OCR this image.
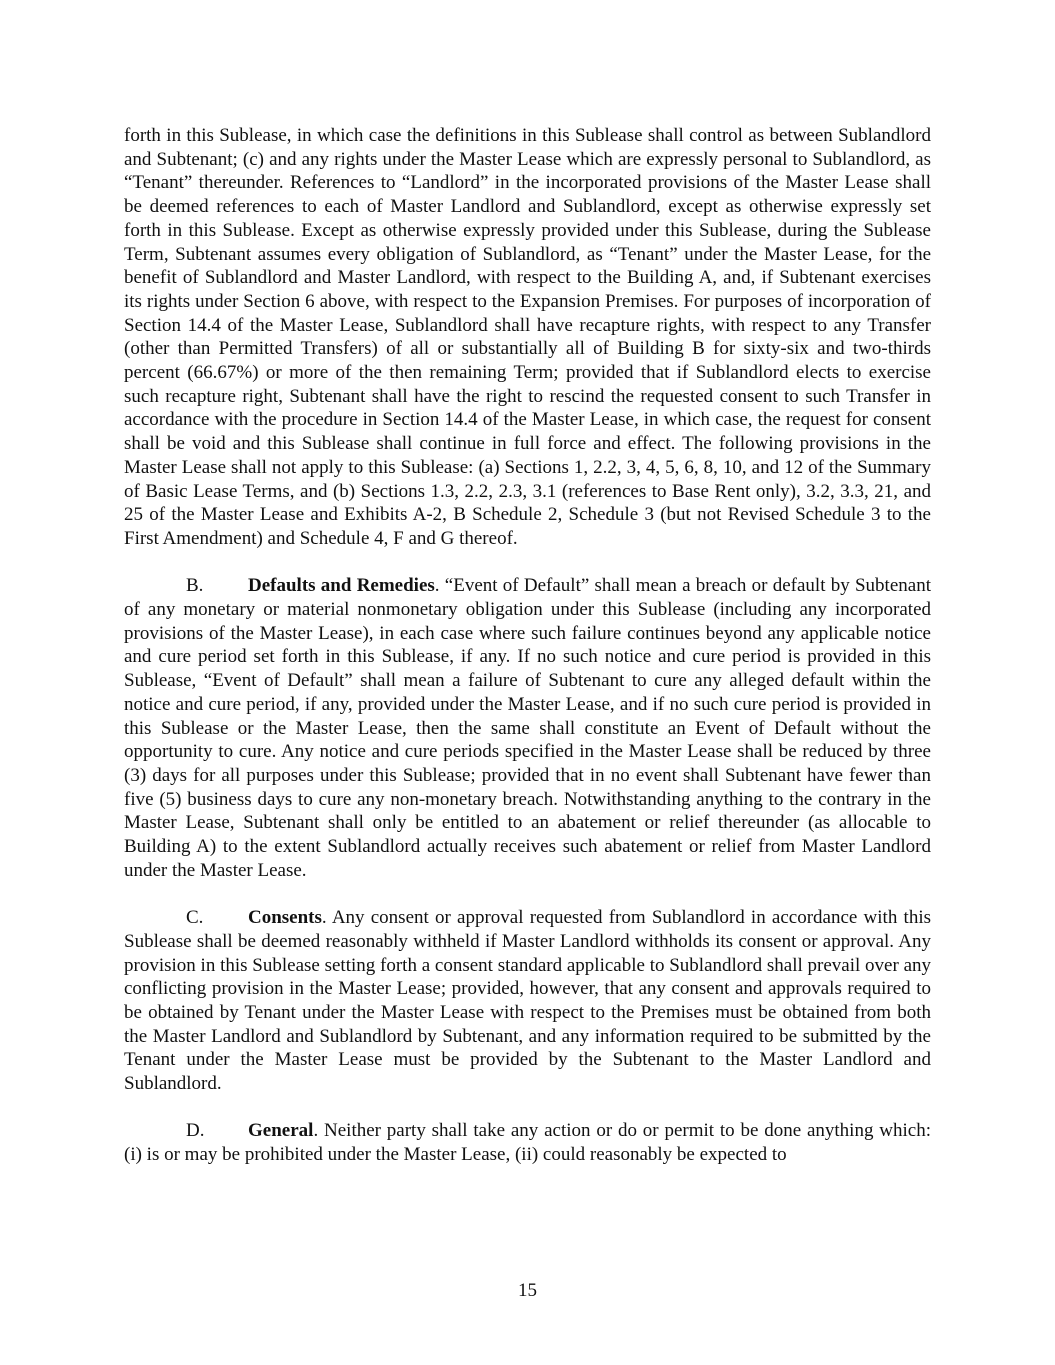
forth in this Sublease, in which case the definitions in this Sublease shall control as between Sublandlord and Subtenant; (c) and any rights under the Master Lease which are expressly personal to Sublandlord, as “Tenant” thereunder. References to “Landlord” in the incorporated provisions of the Master Lease shall be deemed references to each of Master Landlord and Sublandlord, except as otherwise expressly set forth in this Sublease. Except as otherwise expressly provided under this Sublease, during the Sublease Term, Subtenant assumes every obligation of Sublandlord, as “Tenant” under the Master Lease, for the benefit of Sublandlord and Master Landlord, with respect to the Building A, and, if Subtenant exercises its rights under Section 6 above, with respect to the Expansion Premises. For purposes of incorporation of Section 14.4 of the Master Lease, Sublandlord shall have recapture rights, with respect to any Transfer (other than Permitted Transfers) of all or substantially all of Building B for sixty-six and two-thirds percent (66.67%) or more of the then remaining Term; provided that if Sublandlord elects to exercise such recapture right, Subtenant shall have the right to rescind the requested consent to such Transfer in accordance with the procedure in Section 14.4 of the Master Lease, in which case, the request for consent shall be void and this Sublease shall continue in full force and effect. The following provisions in the Master Lease shall not apply to this Sublease: (a) Sections 1, 2.2, 3, 4, 5, 6, 8, 10, and 12 of the Summary of Basic Lease Terms, and (b) Sections 1.3, 2.2, 2.3, 3.1 (references to Base Rent only), 3.2, 3.3, 21, and 25 of the Master Lease and Exhibits A-2, B Schedule 2, Schedule 3 (but not Revised Schedule 3 to the First Amendment) and Schedule 4, F and G thereof.

B. Defaults and Remedies. “Event of Default” shall mean a breach or default by Subtenant of any monetary or material nonmonetary obligation under this Sublease (including any incorporated provisions of the Master Lease), in each case where such failure continues beyond any applicable notice and cure period set forth in this Sublease, if any. If no such notice and cure period is provided in this Sublease, “Event of Default” shall mean a failure of Subtenant to cure any alleged default within the notice and cure period, if any, provided under the Master Lease, and if no such cure period is provided in this Sublease or the Master Lease, then the same shall constitute an Event of Default without the opportunity to cure. Any notice and cure periods specified in the Master Lease shall be reduced by three (3) days for all purposes under this Sublease; provided that in no event shall Subtenant have fewer than five (5) business days to cure any non-monetary breach. Notwithstanding anything to the contrary in the Master Lease, Subtenant shall only be entitled to an abatement or relief thereunder (as allocable to Building A) to the extent Sublandlord actually receives such abatement or relief from Master Landlord under the Master Lease.

C. Consents. Any consent or approval requested from Sublandlord in accordance with this Sublease shall be deemed reasonably withheld if Master Landlord withholds its consent or approval. Any provision in this Sublease setting forth a consent standard applicable to Sublandlord shall prevail over any conflicting provision in the Master Lease; provided, however, that any consent and approvals required to be obtained by Tenant under the Master Lease with respect to the Premises must be obtained from both the Master Landlord and Sublandlord by Subtenant, and any information required to be submitted by the Tenant under the Master Lease must be provided by the Subtenant to the Master Landlord and Sublandlord.

D. General. Neither party shall take any action or do or permit to be done anything which: (i) is or may be prohibited under the Master Lease, (ii) could reasonably be expected to

15
